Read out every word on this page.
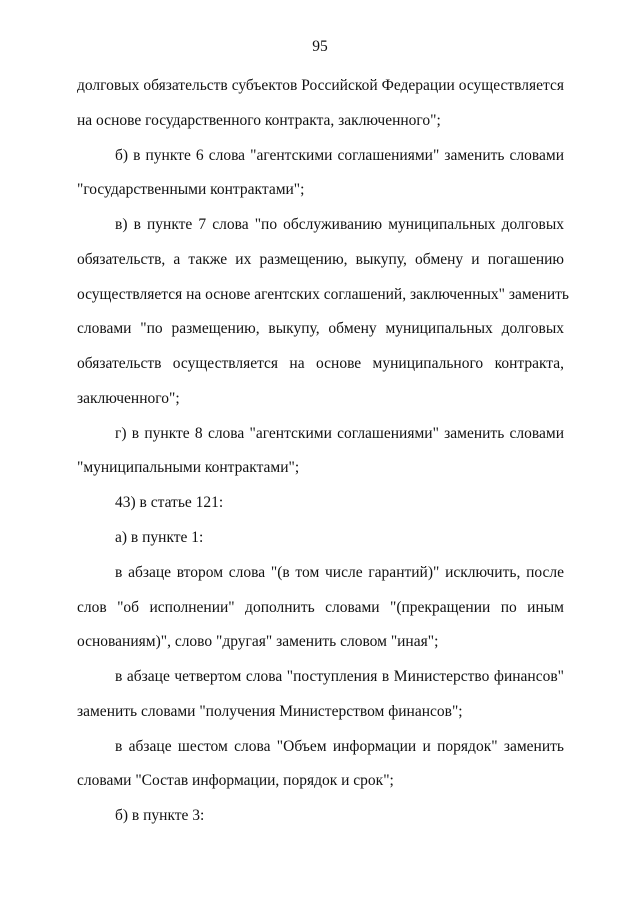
95
долговых обязательств субъектов Российской Федерации осуществляется
на основе государственного контракта, заключенного";
б) в пункте 6 слова "агентскими соглашениями" заменить словами
"государственными контрактами";
в) в пункте 7 слова "по обслуживанию муниципальных долговых
обязательств, а также их размещению, выкупу, обмену и погашению
осуществляется на основе агентских соглашений, заключенных" заменить
словами "по размещению, выкупу, обмену муниципальных долговых
обязательств осуществляется на основе муниципального контракта,
заключенного";
г) в пункте 8 слова "агентскими соглашениями" заменить словами
"муниципальными контрактами";
43) в статье 121:
а) в пункте 1:
в абзаце втором слова "(в том числе гарантий)" исключить, после
слов "об исполнении" дополнить словами "(прекращении по иным
основаниям)", слово "другая" заменить словом "иная";
в абзаце четвертом слова "поступления в Министерство финансов"
заменить словами "получения Министерством финансов";
в абзаце шестом слова "Объем информации и порядок" заменить
словами "Состав информации, порядок и срок";
б) в пункте 3:
